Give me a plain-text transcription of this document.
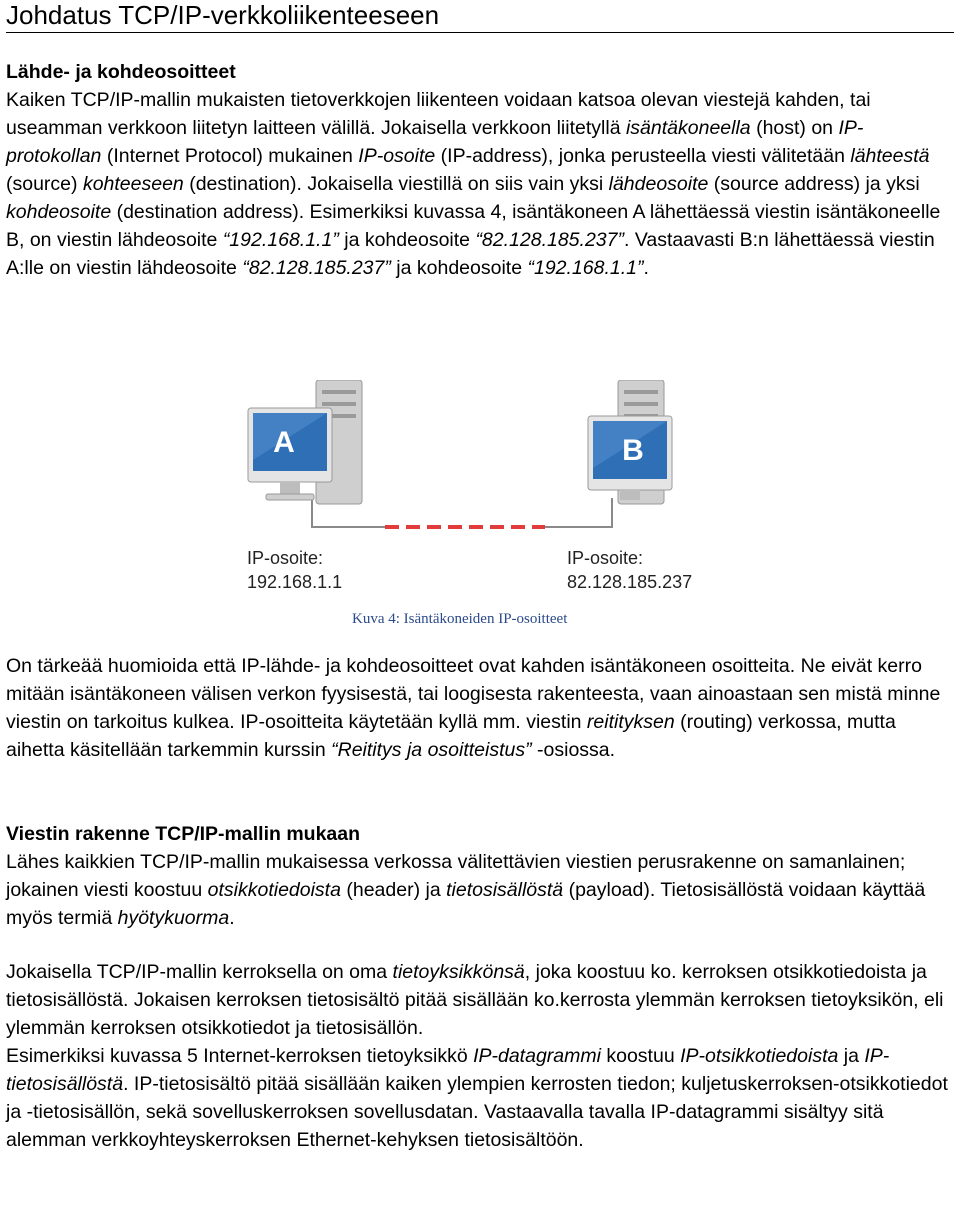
Johdatus TCP/IP-verkkoliikenteeseen

Lähde- ja kohdeosoitteet

Kaiken TCP/IP-mallin mukaisten tietoverkkojen liikenteen voidaan katsoa olevan viestejä kahden, tai useamman verkkoon liitetyn laitteen välillä. Jokaisella verkkoon liitetyllä isäntäkoneella (host) on IP-protokollan (Internet Protocol) mukainen IP-osoite (IP-address), jonka perusteella viesti välitetään lähteestä (source) kohteeseen (destination). Jokaisella viestillä on siis vain yksi lähdeosoite (source address) ja yksi kohdeosoite (destination address). Esimerkiksi kuvassa 4, isäntäkoneen A lähettäessä viestin isäntäkoneelle B, on viestin lähdeosoite “192.168.1.1” ja kohdeosoite “82.128.185.237”. Vastaavasti B:n lähettäessä viestin A:lle on viestin lähdeosoite “82.128.185.237” ja kohdeosoite “192.168.1.1”.

A	B
IP-osoite:
192.168.1.1
IP-osoite:
82.128.185.237
Kuva 4: Isäntäkoneiden IP-osoitteet

On tärkeää huomioida että IP-lähde- ja kohdeosoitteet ovat kahden isäntäkoneen osoitteita. Ne eivät kerro mitään isäntäkoneen välisen verkon fyysisestä, tai loogisesta rakenteesta, vaan ainoastaan sen mistä minne viestin on tarkoitus kulkea. IP-osoitteita käytetään kyllä mm. viestin reitityksen (routing) verkossa, mutta aihetta käsitellään tarkemmin kurssin “Reititys ja osoitteistus” -osiossa.

Viestin rakenne TCP/IP-mallin mukaan

Lähes kaikkien TCP/IP-mallin mukaisessa verkossa välitettävien viestien perusrakenne on samanlainen; jokainen viesti koostuu otsikkotiedoista (header) ja tietosisällöstä (payload). Tietosisällöstä voidaan käyttää myös termiä hyötykuorma.

Jokaisella TCP/IP-mallin kerroksella on oma tietoyksikkönsä, joka koostuu ko. kerroksen otsikkotiedoista ja tietosisällöstä. Jokaisen kerroksen tietosisältö pitää sisällään ko.kerrosta ylemmän kerroksen tietoyksikön, eli ylemmän kerroksen otsikkotiedot ja tietosisällön.

Esimerkiksi kuvassa 5 Internet-kerroksen tietoyksikkö IP-datagrammi koostuu IP-otsikkotiedoista ja IP-tietosisällöstä. IP-tietosisältö pitää sisällään kaiken ylempien kerrosten tiedon; kuljetuskerroksen-otsikkotiedot ja -tietosisällön, sekä sovelluskerroksen sovellusdatan. Vastaavalla tavalla IP-datagrammi sisältyy sitä alemman verkkoyhteyskerroksen Ethernet-kehyksen tietosisältöön.
